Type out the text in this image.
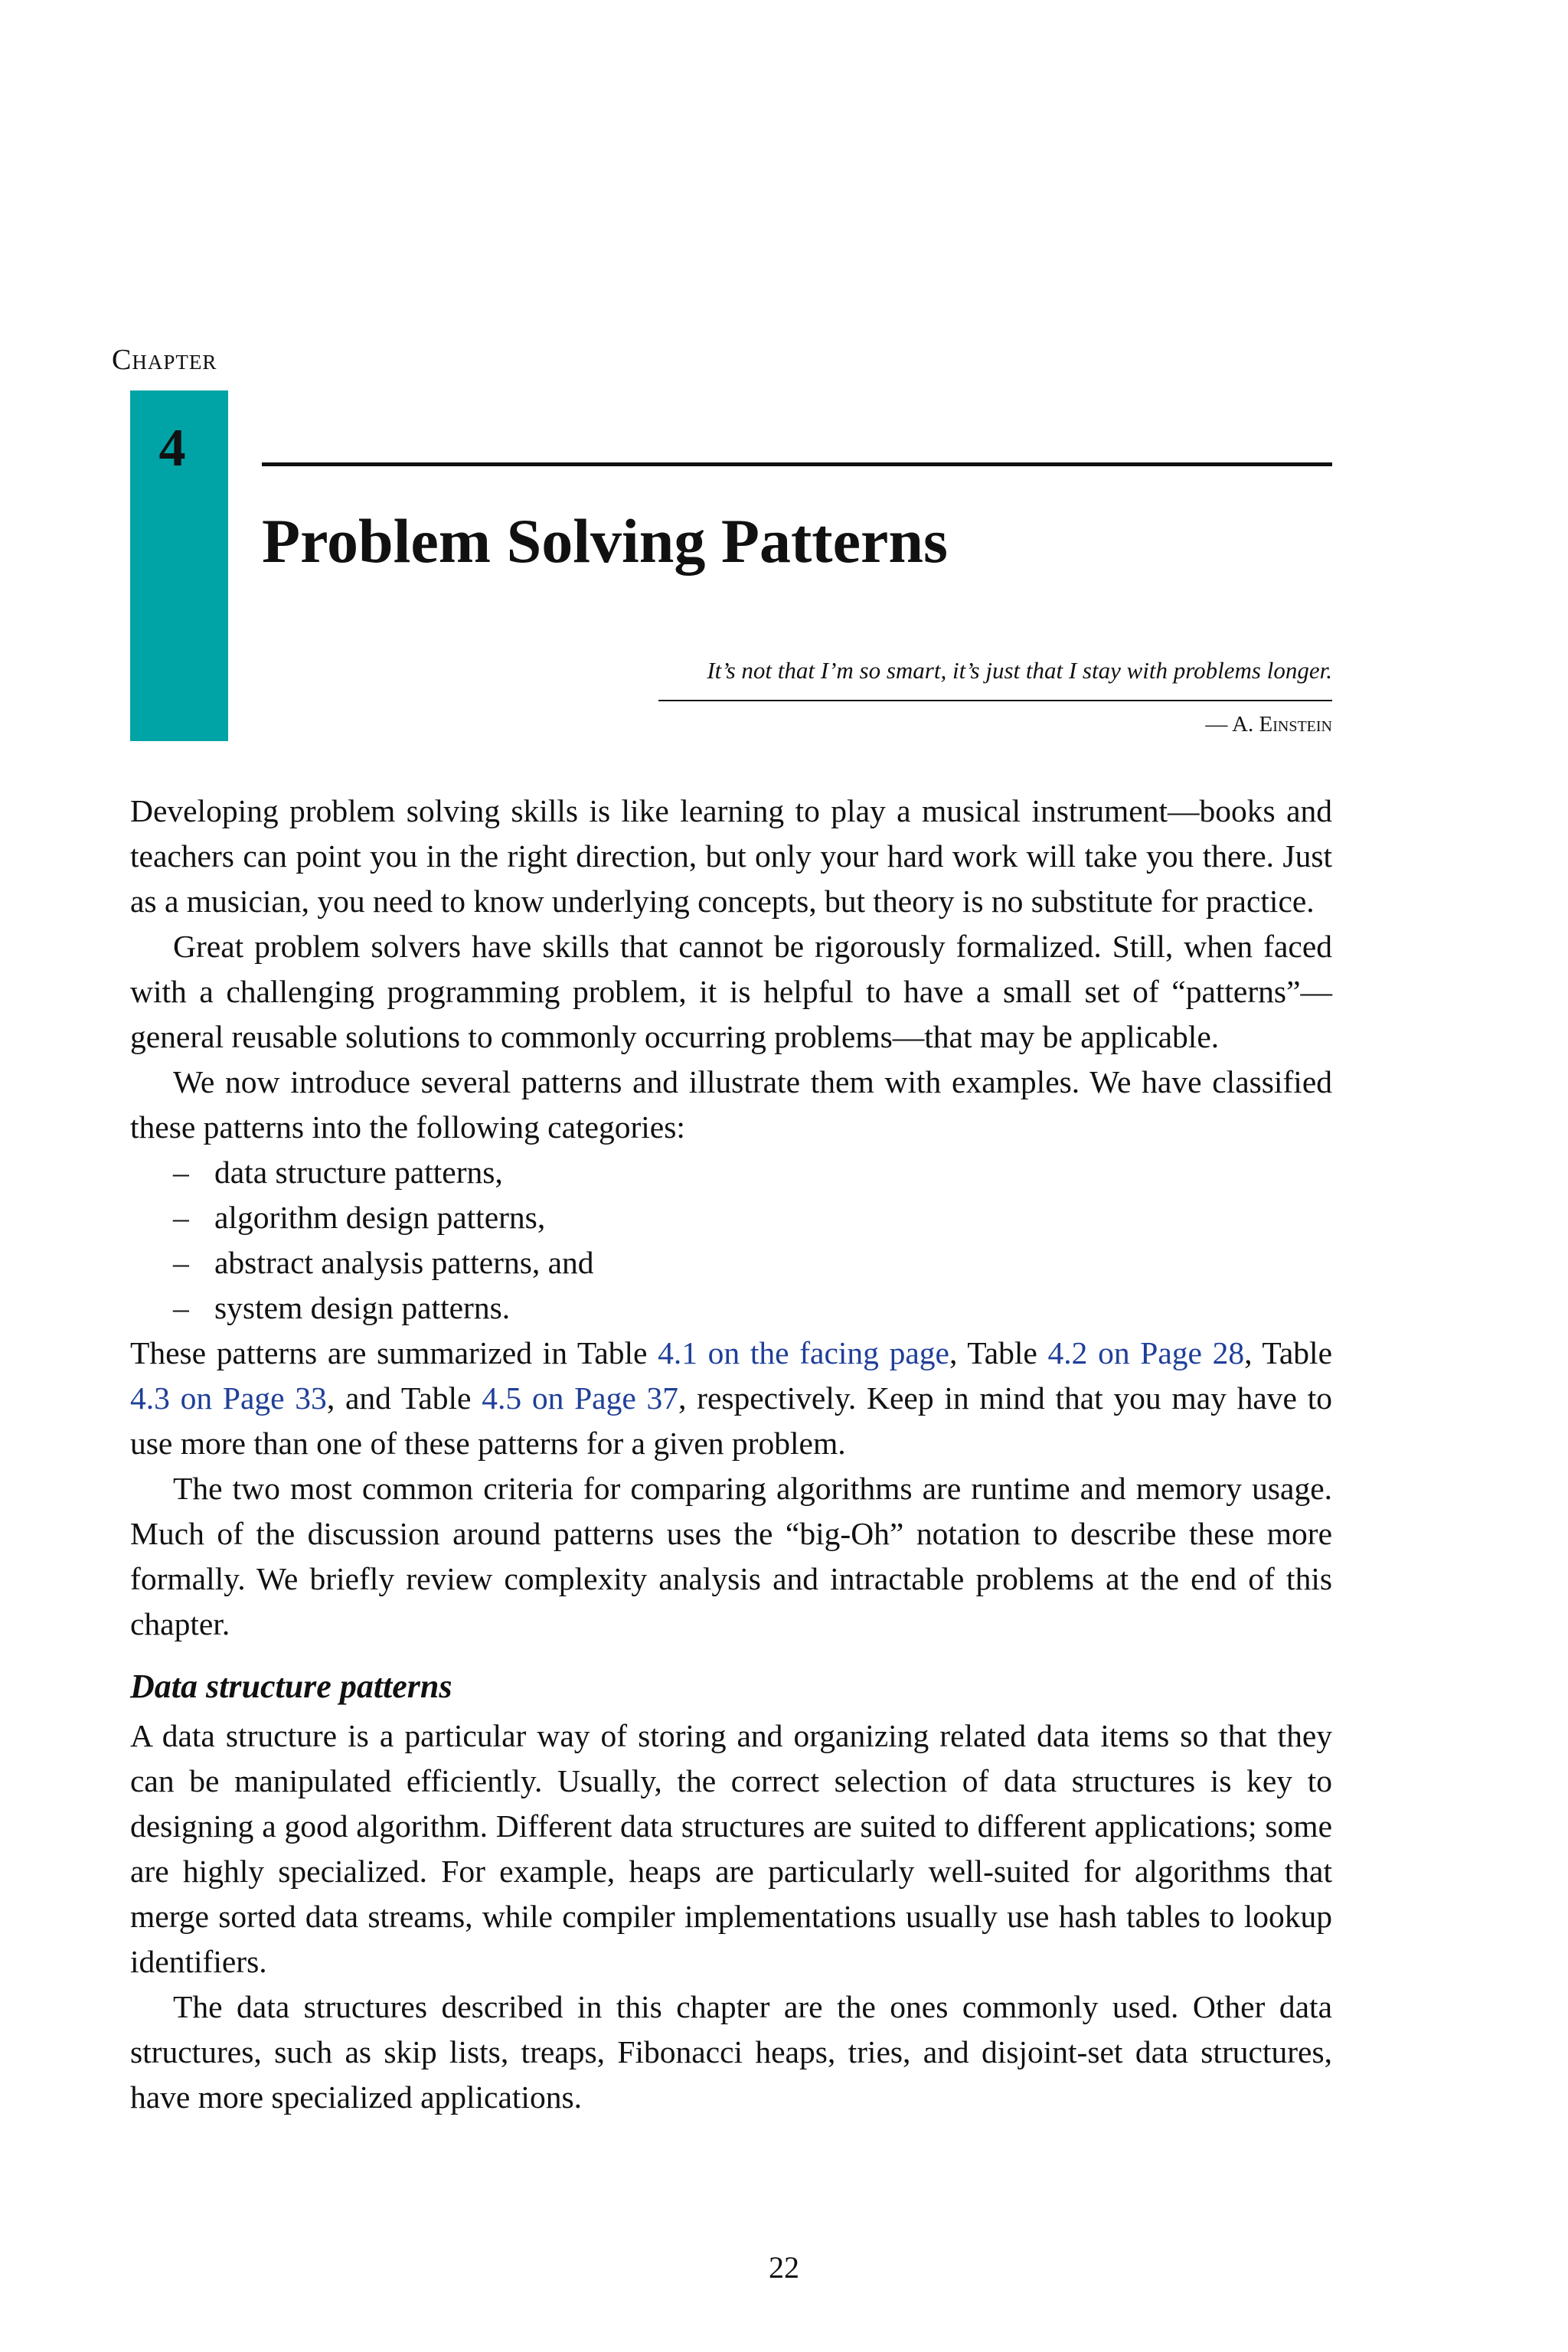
Chapter
4
Problem Solving Patterns
It’s not that I’m so smart, it’s just that I stay with problems longer.
— A. Einstein

Developing problem solving skills is like learning to play a musical instrument—books and teachers can point you in the right direction, but only your hard work will take you there. Just as a musician, you need to know underlying concepts, but theory is no substitute for practice.

Great problem solvers have skills that cannot be rigorously formalized. Still, when faced with a challenging programming problem, it is helpful to have a small set of “patterns”—general reusable solutions to commonly occurring problems—that may be applicable.

We now introduce several patterns and illustrate them with examples. We have classified these patterns into the following categories:

– data structure patterns,
– algorithm design patterns,
– abstract analysis patterns, and
– system design patterns.

These patterns are summarized in Table 4.1 on the facing page, Table 4.2 on Page 28, Table 4.3 on Page 33, and Table 4.5 on Page 37, respectively. Keep in mind that you may have to use more than one of these patterns for a given problem.

The two most common criteria for comparing algorithms are runtime and memory usage. Much of the discussion around patterns uses the “big-Oh” notation to describe these more formally. We briefly review complexity analysis and intractable problems at the end of this chapter.

Data structure patterns

A data structure is a particular way of storing and organizing related data items so that they can be manipulated efficiently. Usually, the correct selection of data structures is key to designing a good algorithm. Different data structures are suited to different applications; some are highly specialized. For example, heaps are particularly well-suited for algorithms that merge sorted data streams, while compiler implementations usually use hash tables to lookup identifiers.

The data structures described in this chapter are the ones commonly used. Other data structures, such as skip lists, treaps, Fibonacci heaps, tries, and disjoint-set data structures, have more specialized applications.

22
